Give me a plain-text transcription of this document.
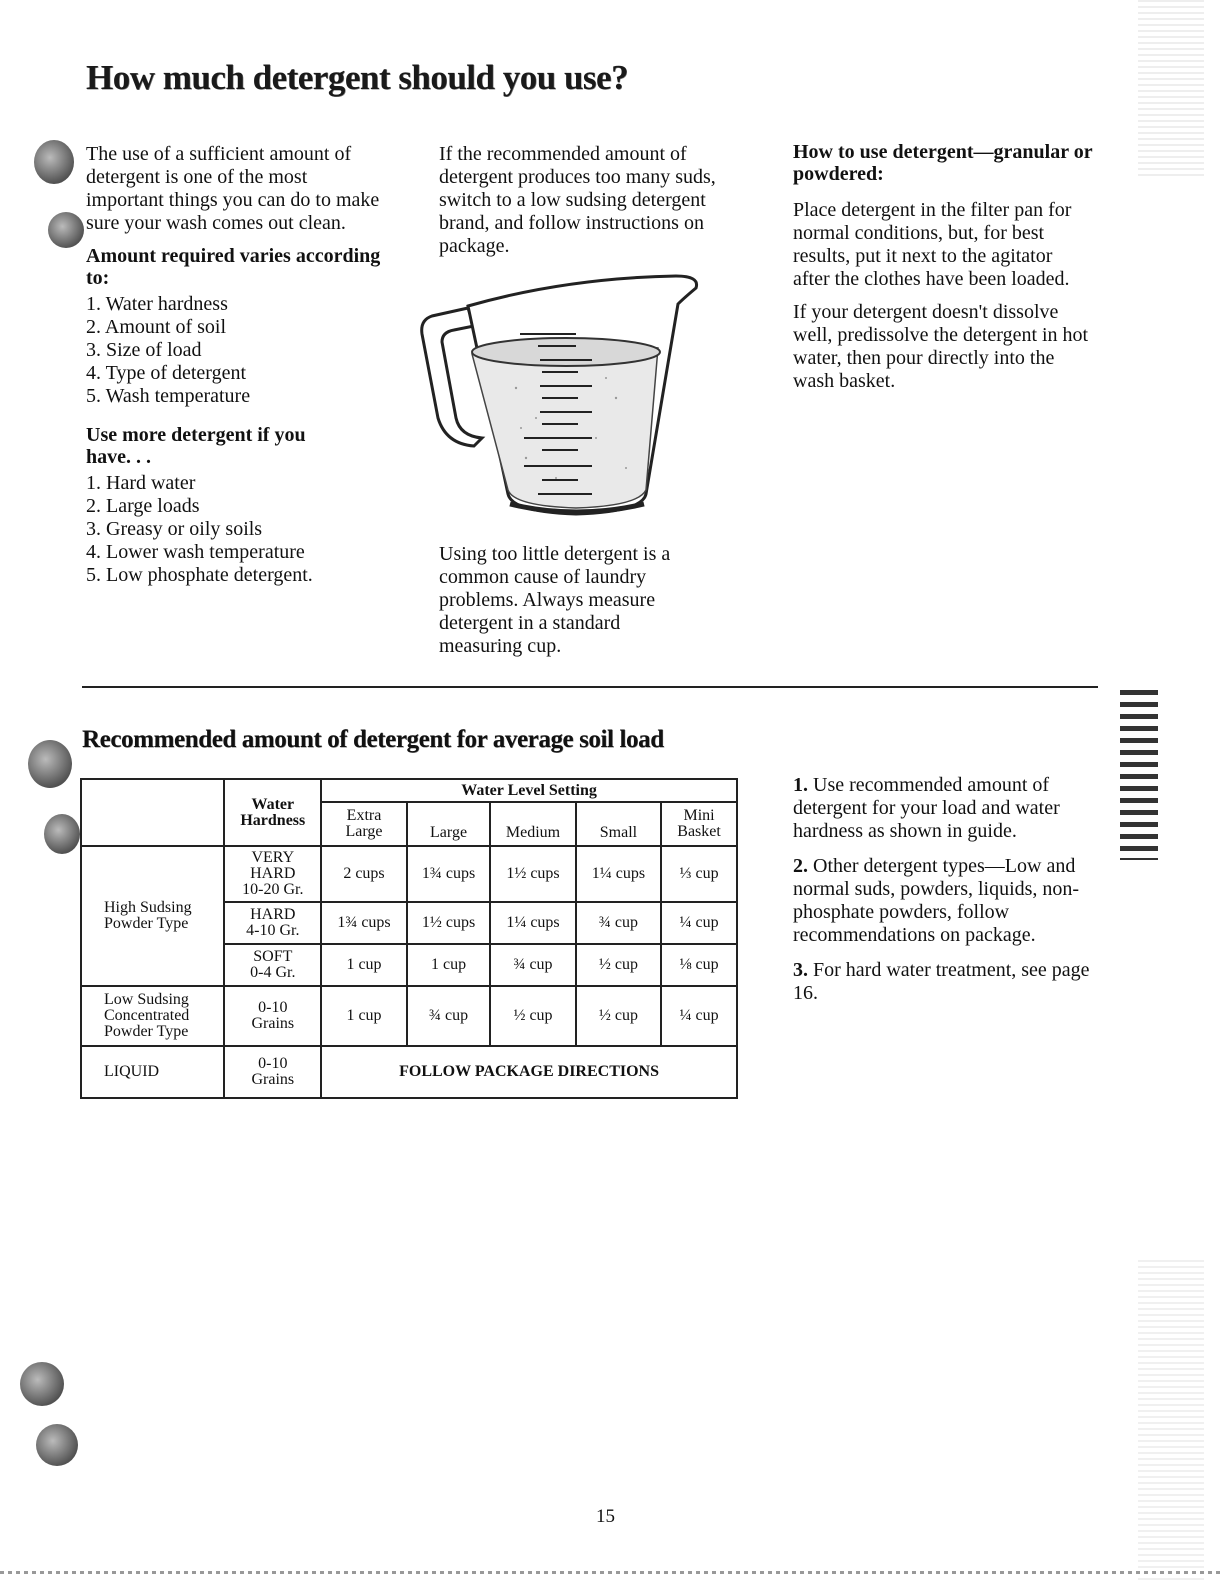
How much detergent should you use?

The use of a sufficient amount of detergent is one of the most important things you can do to make sure your wash comes out clean.

Amount required varies according to:
1. Water hardness
2. Amount of soil
3. Size of load
4. Type of detergent
5. Wash temperature
Use more detergent if you have. . .
1. Hard water
2. Large loads
3. Greasy or oily soils
4. Lower wash temperature
5. Low phosphate detergent.

If the recommended amount of detergent produces too many suds, switch to a low sudsing detergent brand, and follow instructions on package.

Using too little detergent is a common cause of laundry problems. Always measure detergent in a standard measuring cup.

How to use detergent—granular or powdered:

Place detergent in the filter pan for normal conditions, but, for best results, put it next to the agitator after the clothes have been loaded.

If your detergent doesn't dissolve well, predissolve the detergent in hot water, then pour directly into the wash basket.

Recommended amount of detergent for average soil load
	Water Hardness	Water Level Setting				
		Extra Large	Large	Medium	Small	Mini Basket
High Sudsing Powder Type	VERY HARD 10-20 Gr.	2 cups	1¾ cups	1½ cups	1¼ cups	⅓ cup
	HARD 4-10 Gr.	1¾ cups	1½ cups	1¼ cups	¾ cup	¼ cup
	SOFT 0-4 Gr.	1 cup	1 cup	¾ cup	½ cup	⅛ cup
Low Sudsing Concentrated Powder Type	0-10 Grains	1 cup	¾ cup	½ cup	½ cup	¼ cup
LIQUID	0-10 Grains	FOLLOW PACKAGE DIRECTIONS				

1. Use recommended amount of detergent for your load and water hardness as shown in guide.

2. Other detergent types—Low and normal suds, powders, liquids, non-phosphate powders, follow recommendations on package.

3. For hard water treatment, see page 16.

15
